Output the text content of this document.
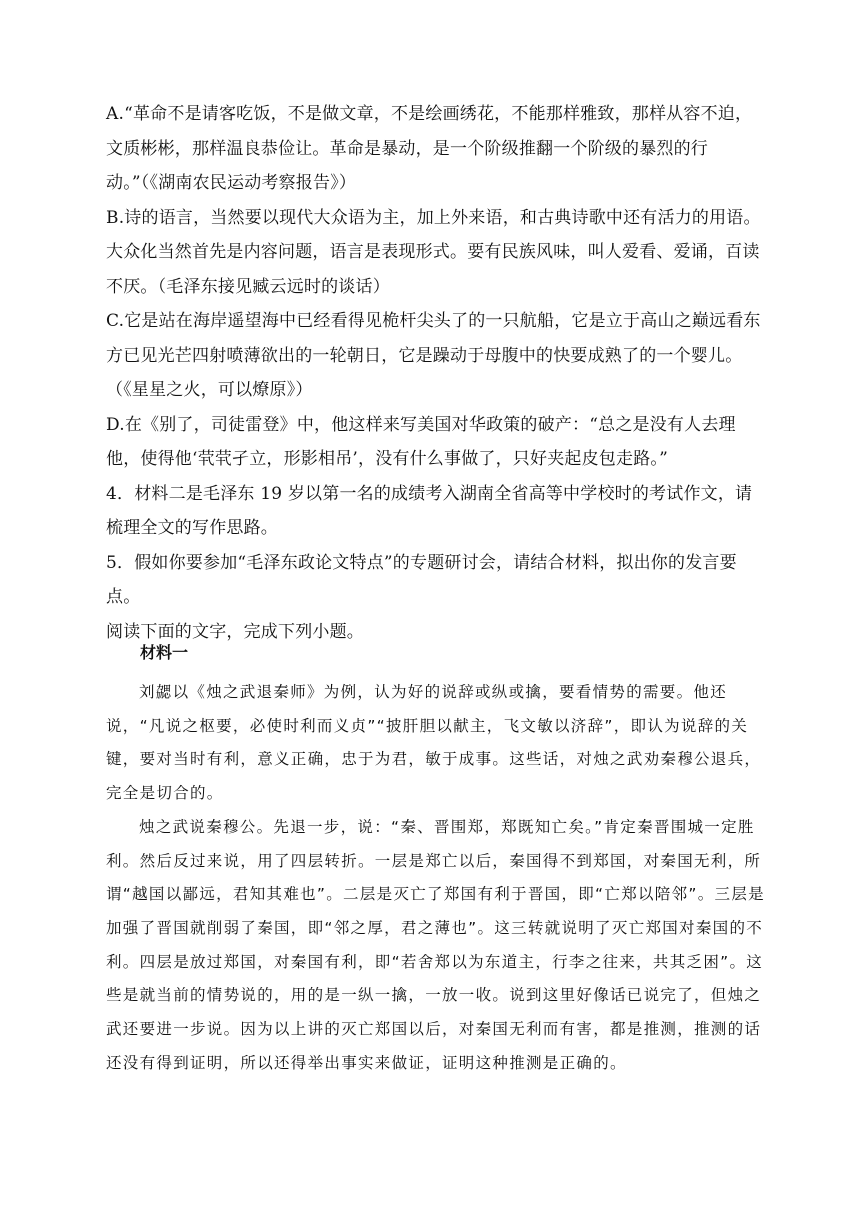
A.“革命不是请客吃饭，不是做文章，不是绘画绣花，不能那样雅致，那样从容不迫，文质彬彬，那样温良恭俭让。革命是暴动，是一个阶级推翻一个阶级的暴烈的行动。”（《湖南农民运动考察报告》）

B.诗的语言，当然要以现代大众语为主，加上外来语，和古典诗歌中还有活力的用语。大众化当然首先是内容问题，语言是表现形式。要有民族风味，叫人爱看、爱诵，百读不厌。（毛泽东接见臧云远时的谈话）

C.它是站在海岸遥望海中已经看得见桅杆尖头了的一只航船，它是立于高山之巅远看东方已见光芒四射喷薄欲出的一轮朝日，它是躁动于母腹中的快要成熟了的一个婴儿。（《星星之火，可以燎原》）

D.在《别了，司徒雷登》中，他这样来写美国对华政策的破产：“总之是没有人去理他，使得他‘茕茕孑立，形影相吊’，没有什么事做了，只好夹起皮包走路。”

4．材料二是毛泽东 19 岁以第一名的成绩考入湖南全省高等中学校时的考试作文，请梳理全文的写作思路。

5．假如你要参加“毛泽东政论文特点”的专题研讨会，请结合材料，拟出你的发言要点。

阅读下面的文字，完成下列小题。

材料一

刘勰以《烛之武退秦师》为例，认为好的说辞或纵或擒，要看情势的需要。他还说，“凡说之枢要，必使时利而义贞”“披肝胆以献主，飞文敏以济辞”，即认为说辞的关键，要对当时有利，意义正确，忠于为君，敏于成事。这些话，对烛之武劝秦穆公退兵，完全是切合的。

烛之武说秦穆公。先退一步，说：“秦、晋围郑，郑既知亡矣。”肯定秦晋围城一定胜利。然后反过来说，用了四层转折。一层是郑亡以后，秦国得不到郑国，对秦国无利，所谓“越国以鄙远，君知其难也”。二层是灭亡了郑国有利于晋国，即“亡郑以陪邻”。三层是加强了晋国就削弱了秦国，即“邻之厚，君之薄也”。这三转就说明了灭亡郑国对秦国的不利。四层是放过郑国，对秦国有利，即“若舍郑以为东道主，行李之往来，共其乏困”。这些是就当前的情势说的，用的是一纵一擒，一放一收。说到这里好像话已说完了，但烛之武还要进一步说。因为以上讲的灭亡郑国以后，对秦国无利而有害，都是推测，推测的话还没有得到证明，所以还得举出事实来做证，证明这种推测是正确的。
